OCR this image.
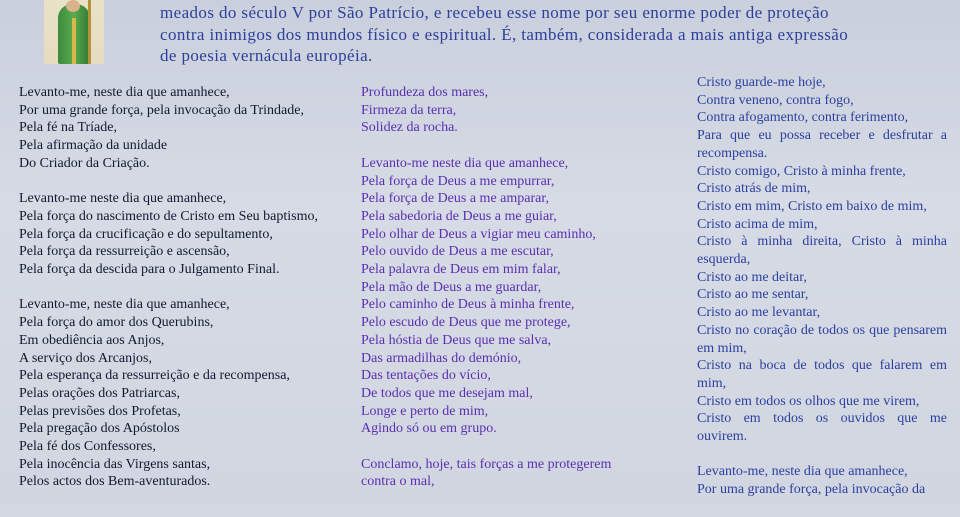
meados do século V por São Patrício, e recebeu esse nome por seu enorme poder de proteção

contra inimigos dos mundos físico e espiritual. É, também, considerada a mais antiga expressão

de poesia vernácula européia.

Levanto-me, neste dia que amanhece,

Por uma grande força, pela invocação da Trindade,

Pela fé na Tríade,

Pela afirmação da unidade

Do Criador da Criação.

Levanto-me neste dia que amanhece,

Pela força do nascimento de Cristo em Seu baptismo,

Pela força da crucificação e do sepultamento,

Pela força da ressurreição e ascensão,

Pela força da descida para o Julgamento Final.

Levanto-me, neste dia que amanhece,

Pela força do amor dos Querubins,

Em obediência aos Anjos,

A serviço dos Arcanjos,

Pela esperança da ressurreição e da recompensa,

Pelas orações dos Patriarcas,

Pelas previsões dos Profetas,

Pela pregação dos Apóstolos

Pela fé dos Confessores,

Pela inocência das Virgens santas,

Pelos actos dos Bem-aventurados.

Profundeza dos mares,

Firmeza da terra,

Solidez da rocha.

Levanto-me neste dia que amanhece,

Pela força de Deus a me empurrar,

Pela força de Deus a me amparar,

Pela sabedoria de Deus a me guiar,

Pelo olhar de Deus a vigiar meu caminho,

Pelo ouvido de Deus a me escutar,

Pela palavra de Deus em mim falar,

Pela mão de Deus a me guardar,

Pelo caminho de Deus à minha frente,

Pelo escudo de Deus que me protege,

Pela hóstia de Deus que me salva,

Das armadilhas do demónio,

Das tentações do vício,

De todos que me desejam mal,

Longe e perto de mim,

Agindo só ou em grupo.

Conclamo, hoje, tais forças a me protegerem

contra o mal,

Cristo guarde-me hoje,

Contra veneno, contra fogo,

Contra afogamento, contra ferimento,

Para que eu possa receber e desfrutar a recompensa.

Cristo comigo, Cristo à minha frente,

Cristo atrás de mim,

Cristo em mim, Cristo em baixo de mim,

Cristo acima de mim,

Cristo à minha direita, Cristo à minha esquerda,

Cristo ao me deitar,

Cristo ao me sentar,

Cristo ao me levantar,

Cristo no coração de todos os que pensarem em mim,

Cristo na boca de todos que falarem em mim,

Cristo em todos os olhos que me virem,

Cristo em todos os ouvidos que me ouvirem.

Levanto-me, neste dia que amanhece,

Por uma grande força, pela invocação da
